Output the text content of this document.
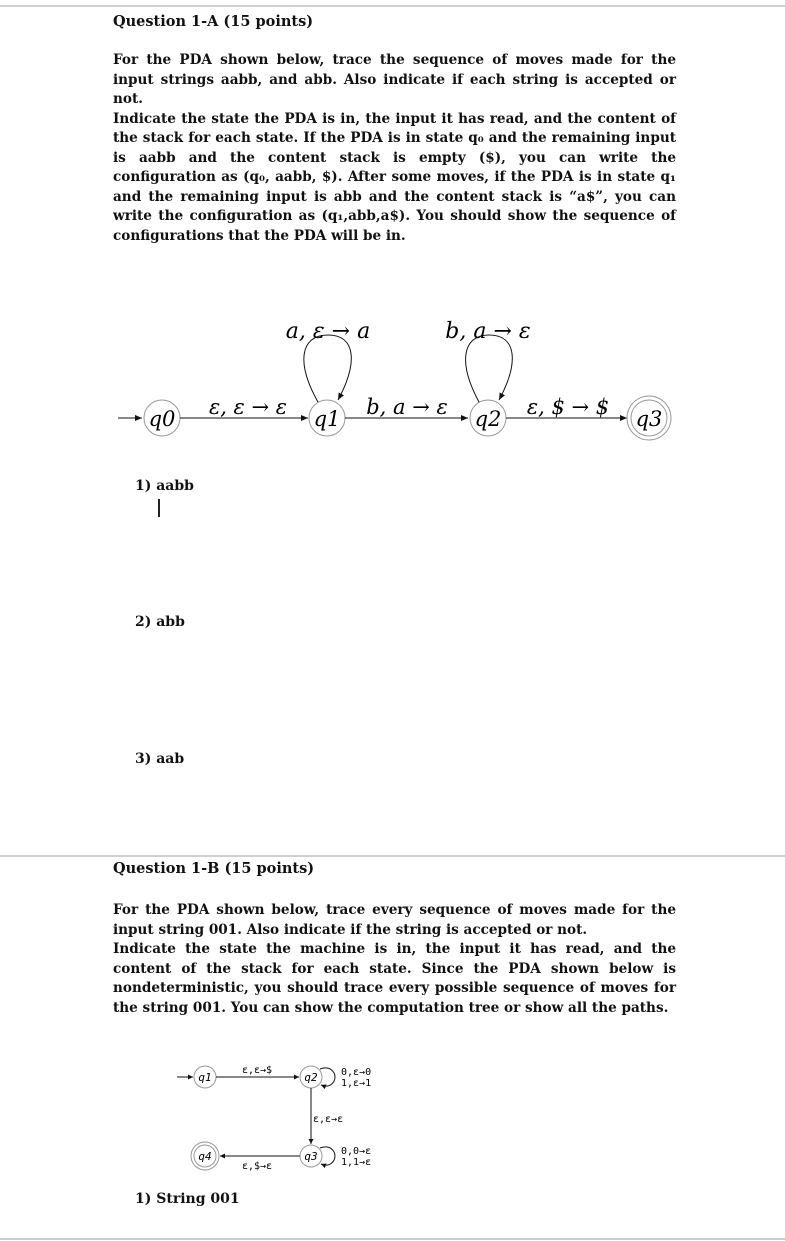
Question 1-A (15 points)
For the PDA shown below, trace the sequence of moves made for the input strings aabb, and abb. Also indicate if each string is accepted or not.
Indicate the state the PDA is in, the input it has read, and the content of the stack for each state. If the PDA is in state q₀ and the remaining input is aabb and the content stack is empty ($), you can write the configuration as (q₀, aabb, $). After some moves, if the PDA is in state q₁ and the remaining input is abb and the content stack is “a$”, you can write the configuration as (q₁,abb,a$). You should show the sequence of configurations that the PDA will be in.
q0 ε, ε → ε q1
a, ε → a
b, a → ε q2
b, a → ε
ε, $ → $ q3

1) aabb

2) abb

3) aab

Question 1-B (15 points)
For the PDA shown below, trace every sequence of moves made for the input string 001. Also indicate if the string is accepted or not.
Indicate the state the machine is in, the input it has read, and the content of the stack for each state. Since the PDA shown below is nondeterministic, you should trace every possible sequence of moves for the string 001. You can show the computation tree or show all the paths.
q1
ε,ε→$
q2 0,ε→0
1,ε→1
ε,ε→ε
q3 0,0→ε
1,1→ε
ε,$→ε
q4

1) String 001
